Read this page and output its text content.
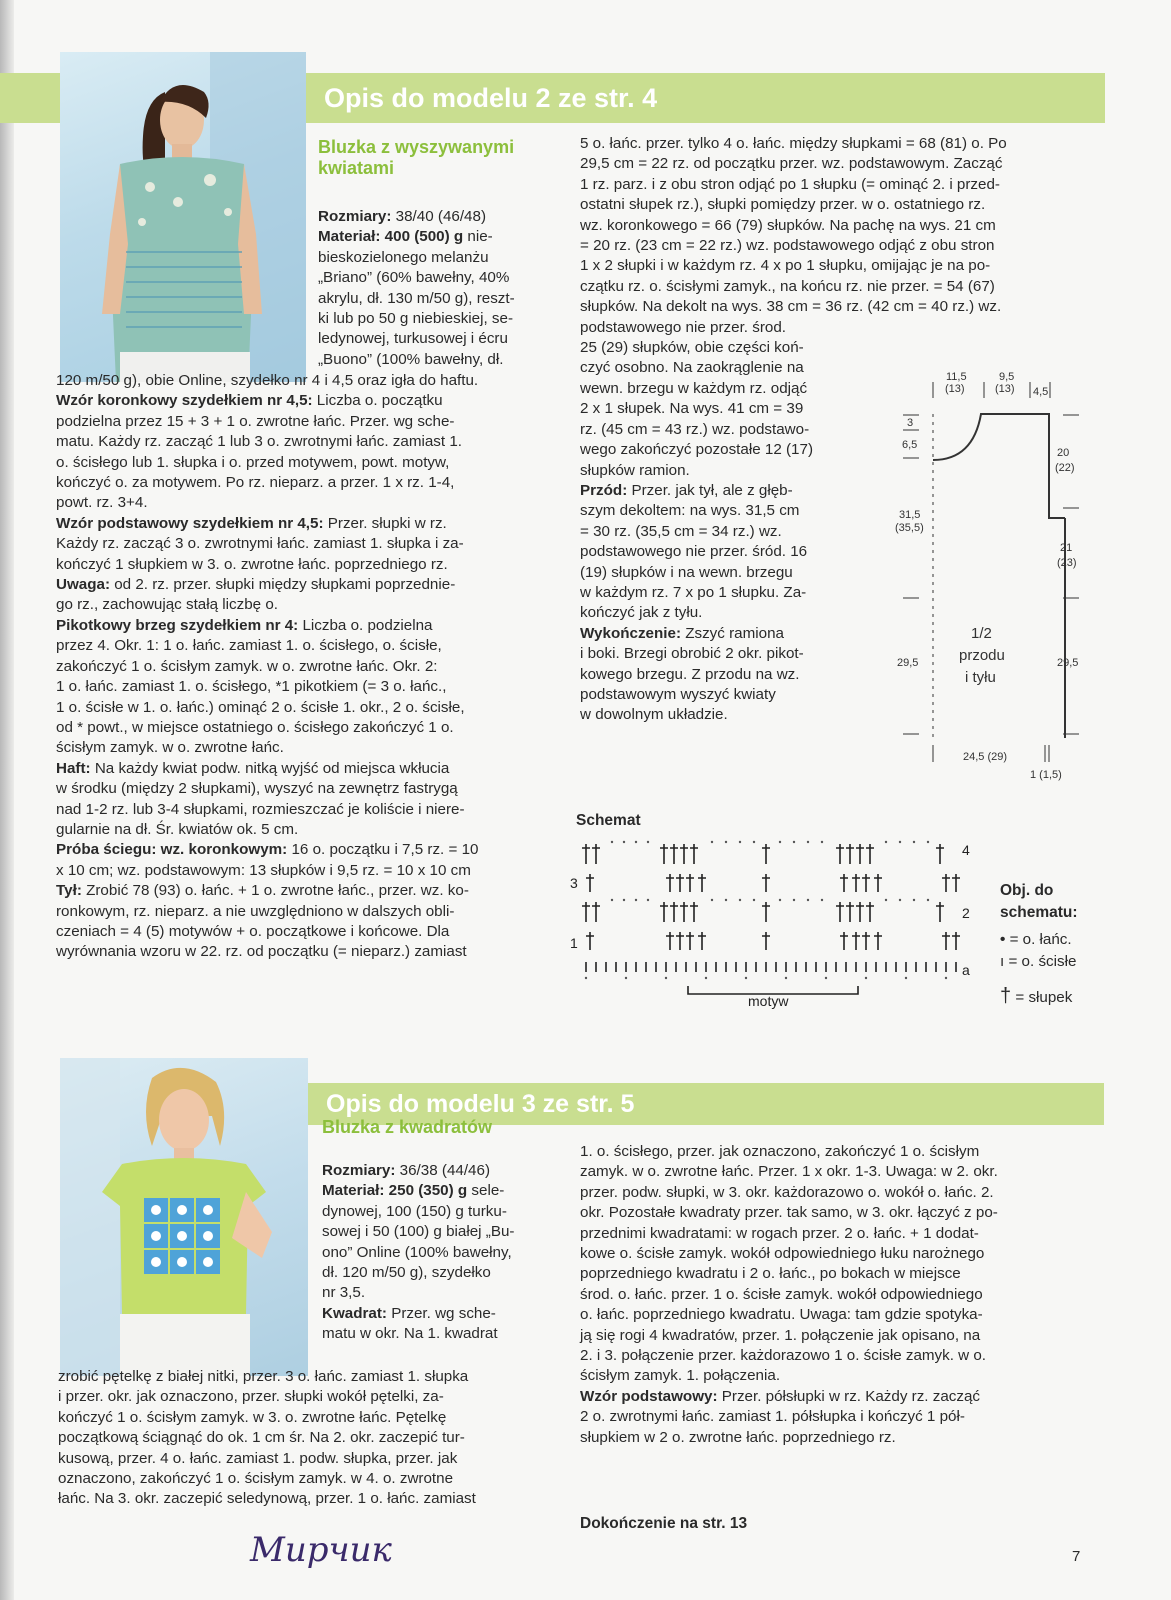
Opis do modelu 2 ze str. 4
Bluzka z wyszywanymi
kwiatami
Rozmiary: 38/40 (46/48)
Materiał: 400 (500) g nie-
bieskozielonego melanżu
„Briano” (60% bawełny, 40%
akrylu, dł. 130 m/50 g), reszt-
ki lub po 50 g niebieskiej, se-
ledynowej, turkusowej i écru
„Buono” (100% bawełny, dł.
120 m/50 g), obie Online, szydełko nr 4 i 4,5 oraz igła do haftu.
Wzór koronkowy szydełkiem nr 4,5: Liczba o. początku
podzielna przez 15 + 3 + 1 o. zwrotne łańc. Przer. wg sche-
matu. Każdy rz. zacząć 1 lub 3 o. zwrotnymi łańc. zamiast 1.
o. ścisłego lub 1. słupka i o. przed motywem, powt. motyw,
kończyć o. za motywem. Po rz. nieparz. a przer. 1 x rz. 1-4,
powt. rz. 3+4.
Wzór podstawowy szydełkiem nr 4,5: Przer. słupki w rz.
Każdy rz. zacząć 3 o. zwrotnymi łańc. zamiast 1. słupka i za-
kończyć 1 słupkiem w 3. o. zwrotne łańc. poprzedniego rz.
Uwaga: od 2. rz. przer. słupki między słupkami poprzednie-
go rz., zachowując stałą liczbę o.
Pikotkowy brzeg szydełkiem nr 4: Liczba o. podzielna
przez 4. Okr. 1: 1 o. łańc. zamiast 1. o. ścisłego, o. ścisłe,
zakończyć 1 o. ścisłym zamyk. w o. zwrotne łańc. Okr. 2:
1 o. łańc. zamiast 1. o. ścisłego, *1 pikotkiem (= 3 o. łańc.,
1 o. ścisłe w 1. o. łańc.) ominąć 2 o. ścisłe 1. okr., 2 o. ścisłe,
od * powt., w miejsce ostatniego o. ścisłego zakończyć 1 o.
ścisłym zamyk. w o. zwrotne łańc.
Haft: Na każdy kwiat podw. nitką wyjść od miejsca wkłucia
w środku (między 2 słupkami), wyszyć na zewnętrz fastrygą
nad 1-2 rz. lub 3-4 słupkami, rozmieszczać je koliście i niere-
gularnie na dł. Śr. kwiatów ok. 5 cm.
Próba ściegu: wz. koronkowym: 16 o. początku i 7,5 rz. = 10
x 10 cm; wz. podstawowym: 13 słupków i 9,5 rz. = 10 x 10 cm
Tył: Zrobić 78 (93) o. łańc. + 1 o. zwrotne łańc., przer. wz. ko-
ronkowym, rz. nieparz. a nie uwzględniono w dalszych obli-
czeniach = 4 (5) motywów + o. początkowe i końcowe. Dla
wyrównania wzoru w 22. rz. od początku (= nieparz.) zamiast
5 o. łańc. przer. tylko 4 o. łańc. między słupkami = 68 (81) o. Po
29,5 cm = 22 rz. od początku przer. wz. podstawowym. Zacząć
1 rz. parz. i z obu stron odjąć po 1 słupku (= ominąć 2. i przed-
ostatni słupek rz.), słupki pomiędzy przer. w o. ostatniego rz.
wz. koronkowego = 66 (79) słupków. Na pachę na wys. 21 cm
= 20 rz. (23 cm = 22 rz.) wz. podstawowego odjąć z obu stron
1 x 2 słupki i w każdym rz. 4 x po 1 słupku, omijając je na po-
czątku rz. o. ścisłymi zamyk., na końcu rz. nie przer. = 54 (67)
słupków. Na dekolt na wys. 38 cm = 36 rz. (42 cm = 40 rz.) wz.
podstawowego nie przer. środ.
25 (29) słupków, obie części koń-
czyć osobno. Na zaokrąglenie na
wewn. brzegu w każdym rz. odjąć
2 x 1 słupek. Na wys. 41 cm = 39
rz. (45 cm = 43 rz.) wz. podstawo-
wego zakończyć pozostałe 12 (17)
słupków ramion.
Przód: Przer. jak tył, ale z głęb-
szym dekoltem: na wys. 31,5 cm
= 30 rz. (35,5 cm = 34 rz.) wz.
podstawowego nie przer. śród. 16
(19) słupków i na wewn. brzegu
w każdym rz. 7 x po 1 słupku. Za-
kończyć jak z tyłu.
Wykończenie: Zszyć ramiona
i boki. Brzegi obrobić 2 okr. pikot-
kowego brzegu. Z przodu na wz.
podstawowym wyszyć kwiaty
w dowolnym układzie.
11,5	9,5
(13)	(13) 4,5
3
6,5
20
(22)
31,5
(35,5)
21
(23)
1/2
przodu
i tyłu
29,5	29,5
24,5 (29)
1 (1,5)
Schemat
4
3
2
1
a
motyw
Obj. do
schematu:
• = o. łańc.
ı = o. ścisłe
† = słupek
Opis do modelu 3 ze str. 5
Bluzka z kwadratów
Rozmiary: 36/38 (44/46)
Materiał: 250 (350) g sele-
dynowej, 100 (150) g turku-
sowej i 50 (100) g białej „Bu-
ono” Online (100% bawełny,
dł. 120 m/50 g), szydełko
nr 3,5.
Kwadrat: Przer. wg sche-
matu w okr. Na 1. kwadrat
zrobić pętelkę z białej nitki, przer. 3 o. łańc. zamiast 1. słupka
i przer. okr. jak oznaczono, przer. słupki wokół pętelki, za-
kończyć 1 o. ścisłym zamyk. w 3. o. zwrotne łańc. Pętelkę
początkową ściągnąć do ok. 1 cm śr. Na 2. okr. zaczepić tur-
kusową, przer. 4 o. łańc. zamiast 1. podw. słupka, przer. jak
oznaczono, zakończyć 1 o. ścisłym zamyk. w 4. o. zwrotne
łańc. Na 3. okr. zaczepić seledynową, przer. 1 o. łańc. zamiast
1. o. ścisłego, przer. jak oznaczono, zakończyć 1 o. ścisłym
zamyk. w o. zwrotne łańc. Przer. 1 x okr. 1-3. Uwaga: w 2. okr.
przer. podw. słupki, w 3. okr. każdorazowo o. wokół o. łańc. 2.
okr. Pozostałe kwadraty przer. tak samo, w 3. okr. łączyć z po-
przednimi kwadratami: w rogach przer. 2 o. łańc. + 1 dodat-
kowe o. ścisłe zamyk. wokół odpowiedniego łuku narożnego
poprzedniego kwadratu i 2 o. łańc., po bokach w miejsce
środ. o. łańc. przer. 1 o. ścisłe zamyk. wokół odpowiedniego
o. łańc. poprzedniego kwadratu. Uwaga: tam gdzie spotyka-
ją się rogi 4 kwadratów, przer. 1. połączenie jak opisano, na
2. i 3. połączenie przer. każdorazowo 1 o. ścisłe zamyk. w o.
ścisłym zamyk. 1. połączenia.
Wzór podstawowy: Przer. półsłupki w rz. Każdy rz. zacząć
2 o. zwrotnymi łańc. zamiast 1. półsłupka i kończyć 1 pół-
słupkiem w 2 o. zwrotne łańc. poprzedniego rz.
Dokończenie na str. 13
Мирчик	7
